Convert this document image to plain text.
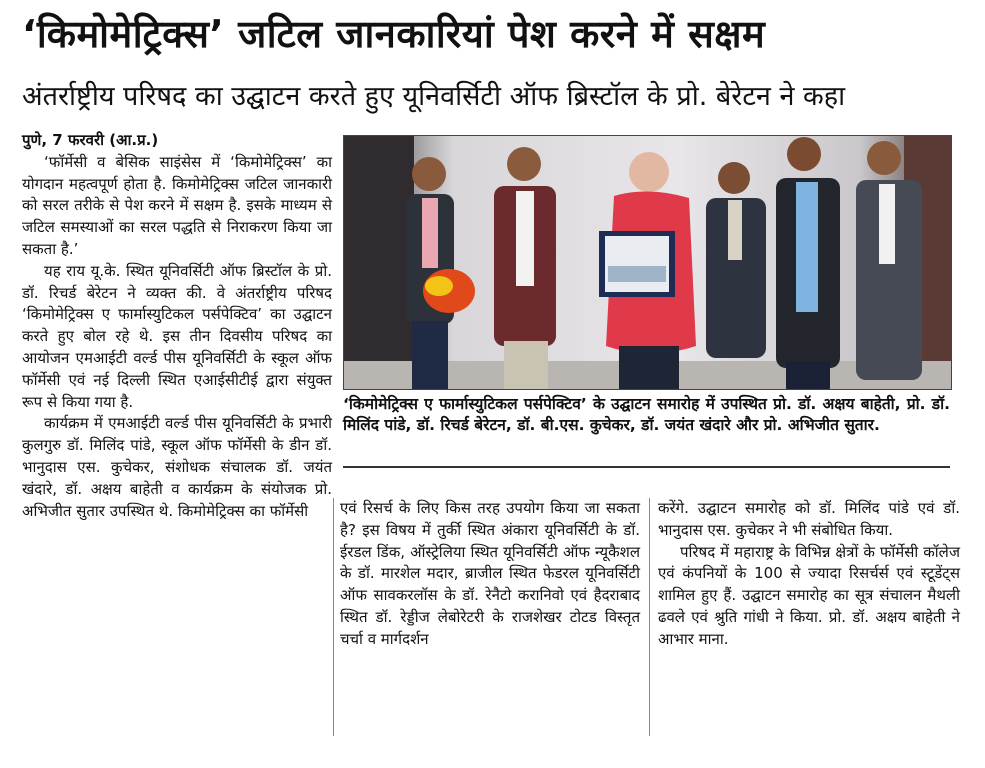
‘किमोमेट्रिक्स’ जटिल जानकारियां पेश करने में सक्षम
अंतर्राष्ट्रीय परिषद का उद्घाटन करते हुए यूनिवर्सिटी ऑफ ब्रिस्टॉल के प्रो. बेरेटन ने कहा

पुणे, 7 फरवरी (आ.प्र.)

‘फॉर्मेसी व बेसिक साइंसेस में ‘किमोमेट्रिक्स’ का योगदान महत्वपूर्ण होता है. किमोमेट्रिक्स जटिल जानकारी को सरल तरीके से पेश करने में सक्षम है. इसके माध्यम से जटिल समस्याओं का सरल पद्धति से निराकरण किया जा सकता है.’

यह राय यू.के. स्थित यूनिवर्सिटी ऑफ ब्रिस्टॉल के प्रो. डॉ. रिचर्ड बेरेटन ने व्यक्त की. वे अंतर्राष्ट्रीय परिषद ‘किमोमेट्रिक्स ए फार्मास्युटिकल पर्सपेक्टिव’ का उद्घाटन करते हुए बोल रहे थे. इस तीन दिवसीय परिषद का आयोजन एमआईटी वर्ल्ड पीस यूनिवर्सिटी के स्कूल ऑफ फॉर्मेसी एवं नई दिल्ली स्थित एआईसीटीई द्वारा संयुक्त रूप से किया गया है.

कार्यक्रम में एमआईटी वर्ल्ड पीस यूनिवर्सिटी के प्रभारी कुलगुरु डॉ. मिलिंद पांडे, स्कूल ऑफ फॉर्मेसी के डीन डॉ. भानुदास एस. कुचेकर, संशोधक संचालक डॉ. जयंत खंदारे, डॉ. अक्षय बाहेती व कार्यक्रम के संयोजक प्रो. अभिजीत सुतार उपस्थित थे. किमोमेट्रिक्स का फॉर्मेसी

‘किमोमेट्रिक्स ए फार्मास्युटिकल पर्सपेक्टिव’ के उद्घाटन समारोह में उपस्थित प्रो. डॉ. अक्षय बाहेती, प्रो. डॉ. मिलिंद पांडे, डॉ. रिचर्ड बेरेटन, डॉ. बी.एस. कुचेकर, डॉ. जयंत खंदारे और प्रो. अभिजीत सुतार.

एवं रिसर्च के लिए किस तरह उपयोग किया जा सकता है? इस विषय में तुर्की स्थित अंकारा यूनिवर्सिटी के डॉ. ईरडल डिंक, ऑस्ट्रेलिया स्थित यूनिवर्सिटी ऑफ न्यूकैशल के डॉ. मारशेल मदार, ब्राजील स्थित फेडरल यूनिवर्सिटी ऑफ सावकरलॉस के डॉ. रेनैटो करानिवो एवं हैदराबाद स्थित डॉ. रेड्डीज लेबोरेटरी के राजशेखर टोटड विस्तृत चर्चा व मार्गदर्शन

करेंगे. उद्घाटन समारोह को डॉ. मिलिंद पांडे एवं डॉ. भानुदास एस. कुचेकर ने भी संबोधित किया.

परिषद में महाराष्ट्र के विभिन्न क्षेत्रों के फॉर्मेसी कॉलेज एवं कंपनियों के 100 से ज्यादा रिसर्चर्स एवं स्टूडेंट्स शामिल हुए हैं. उद्घाटन समारोह का सूत्र संचालन मैथली ढवले एवं श्रुति गांधी ने किया. प्रो. डॉ. अक्षय बाहेती ने आभार माना.
